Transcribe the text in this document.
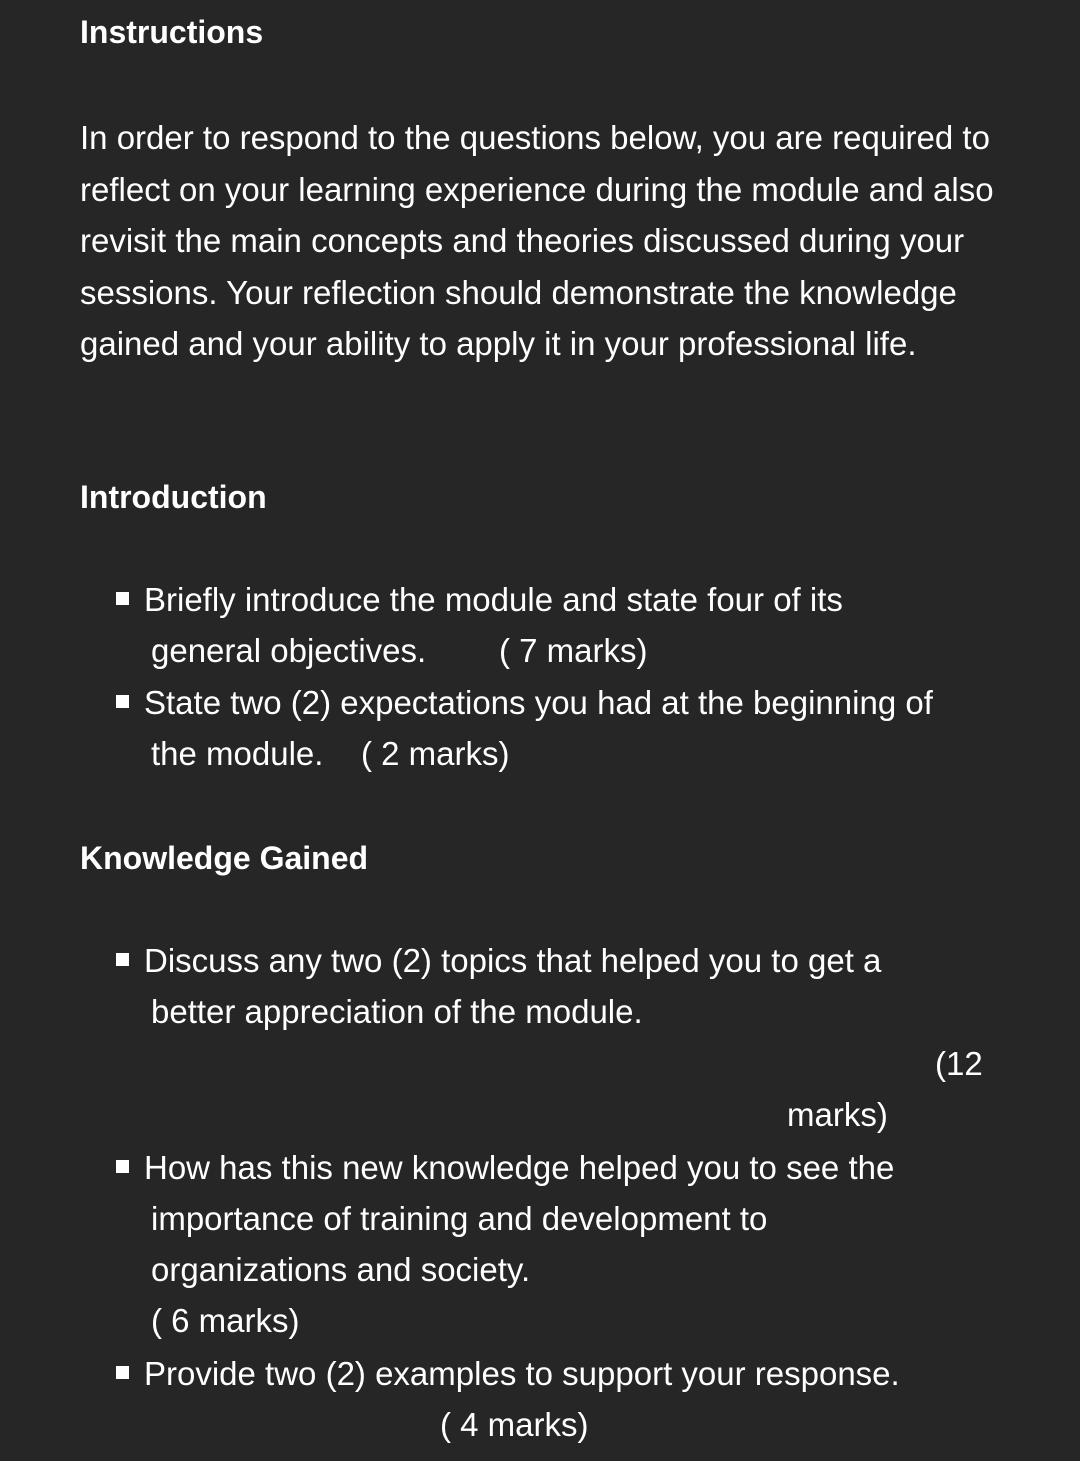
Instructions

In order to respond to the questions below, you are required to reflect on your learning experience during the module and also revisit the main concepts and theories discussed during your sessions. Your reflection should demonstrate the knowledge gained and your ability to apply it in your professional life.

Introduction
Briefly introduce the module and state four of its
general objectives. ( 7 marks)
State two (2) expectations you had at the beginning of
the module. ( 2 marks)
Knowledge Gained
Discuss any two (2) topics that helped you to get a
better appreciation of the module.
(12
marks)
How has this new knowledge helped you to see the
importance of training and development to
organizations and society.
( 6 marks)
Provide two (2) examples to support your response.
( 4 marks)
